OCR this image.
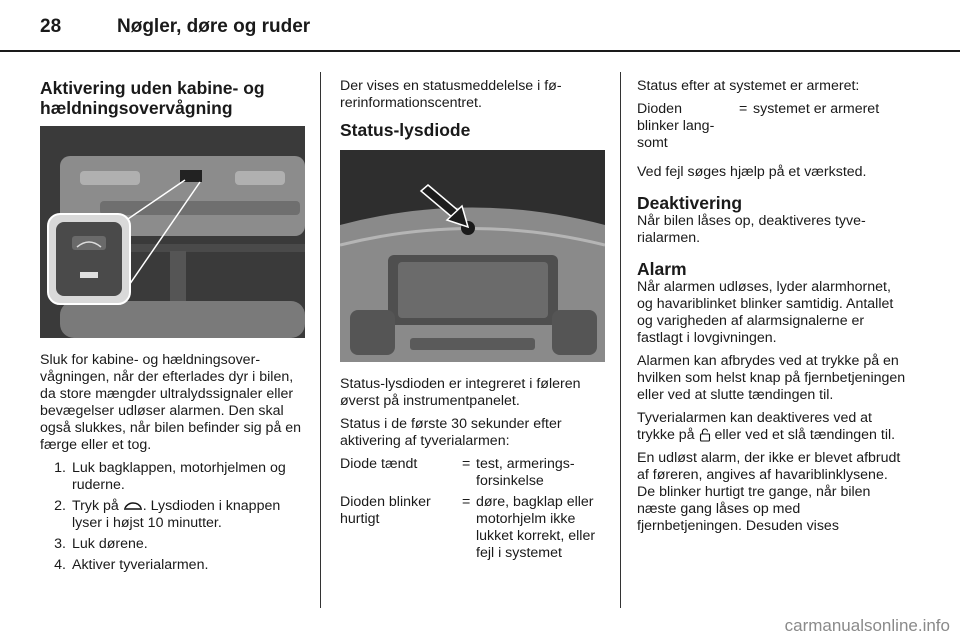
28	Nøgler, døre og ruder
Aktivering uden kabine- og hældningsovervågning

Sluk for kabine- og hældningsovervågningen, når der efterlades dyr i bilen, da store mængder ultralydssignaler eller bevægelser udløser alarmen. Den skal også slukkes, når bilen befinder sig på en færge eller et tog.

1. Luk bagklappen, motorhjelmen og ruderne.
2. Tryk på . Lysdioden i knappen lyser i højst 10 minutter.
3. Luk dørene.
4. Aktiver tyverialarmen.

Der vises en statusmeddelelse i førerinformationscentret.

Status-lysdiode

Status-lysdioden er integreret i føleren øverst på instrumentpanelet.

Status i de første 30 sekunder efter aktivering af tyverialarmen:

Diode tændt	= test, armeringsforsinkelse
Dioden blinker hurtigt
= døre, bagklap eller motorhjelm ikke lukket korrekt, eller fejl i systemet

Status efter at systemet er armeret:

Dioden blinker langsomt
= systemet er armeret

Ved fejl søges hjælp på et værksted.

Deaktivering

Når bilen låses op, deaktiveres tyverialarmen.

Alarm

Når alarmen udløses, lyder alarmhornet, og havariblinket blinker samtidig. Antallet og varigheden af alarmsignalerne er fastlagt i lovgivningen.

Alarmen kan afbrydes ved at trykke på en hvilken som helst knap på fjernbetjeningen eller ved at slutte tændingen til.

Tyverialarmen kan deaktiveres ved at trykke på eller ved et slå tændingen til.

En udløst alarm, der ikke er blevet afbrudt af føreren, angives af havariblinklysene. De blinker hurtigt tre gange, når bilen næste gang låses op med fjernbetjeningen. Desuden vises

carmanualsonline.info
